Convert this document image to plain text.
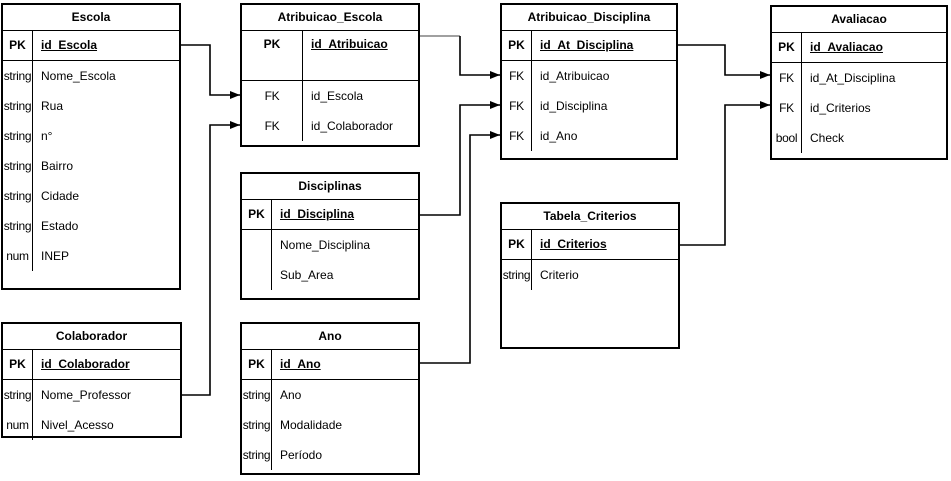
Escola
PK	id_Escola
string Nome_Escola
string Rua
string n°
string Bairro
string Cidade
string Estado
num	INEP
Atribuicao_Escola
PK	id_Atribuicao
FK	id_Escola
FK	id_Colaborador
Atribuicao_Disciplina
PK	id_At_Disciplina
FK	id_Atribuicao
FK	id_Disciplina
FK	id_Ano
Avaliacao
PK	id_Avaliacao
FK	id_At_Disciplina
FK	id_Criterios
bool	Check
Disciplinas
PK	id_Disciplina
Nome_Disciplina
Sub_Area
Tabela_Criterios
PK	id_Criterios
string Criterio
Colaborador
PK	id_Colaborador
string Nome_Professor
num	Nivel_Acesso
Ano
PK	id_Ano
string Ano
string Modalidade
string Período
